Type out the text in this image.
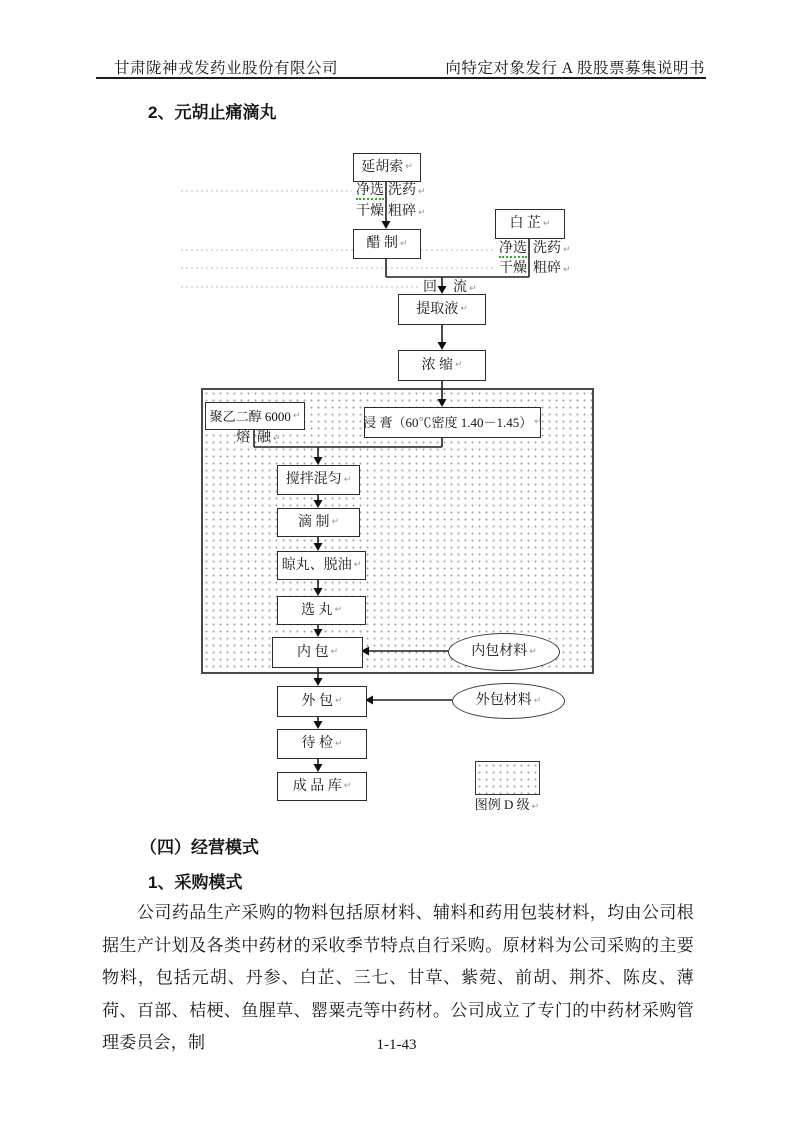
甘肃陇神戎发药业股份有限公司	向特定对象发行 A 股股票募集说明书
2、元胡止痛滴丸
延胡索 ↵
醋 制 ↵
白 芷 ↵
提取液 ↵
浓 缩 ↵
聚乙二醇 6000 ↵	浸 膏（60℃密度 1.40－1.45） ↵
搅拌混匀 ↵
滴 制 ↵
晾丸、脱油 ↵
选 丸 ↵
内 包 ↵
外 包 ↵
待 检 ↵
成 品 库 ↵
内包材料 ↵
外包材料 ↵
净选 洗药 ↵
干燥 粗碎 ↵
净选 洗药 ↵
干燥 粗碎 ↵
回 流 ↵
熔 融 ↵
图例 D 级 ↵
（四）经营模式
1、采购模式
公司药品生产采购的物料包括原材料、辅料和药用包装材料，均由公司根据生产计划及各类中药材的采收季节特点自行采购。原材料为公司采购的主要物料，包括元胡、丹参、白芷、三七、甘草、紫菀、前胡、荆芥、陈皮、薄荷、百部、桔梗、鱼腥草、罂粟壳等中药材。公司成立了专门的中药材采购管理委员会，制	1-1-43
